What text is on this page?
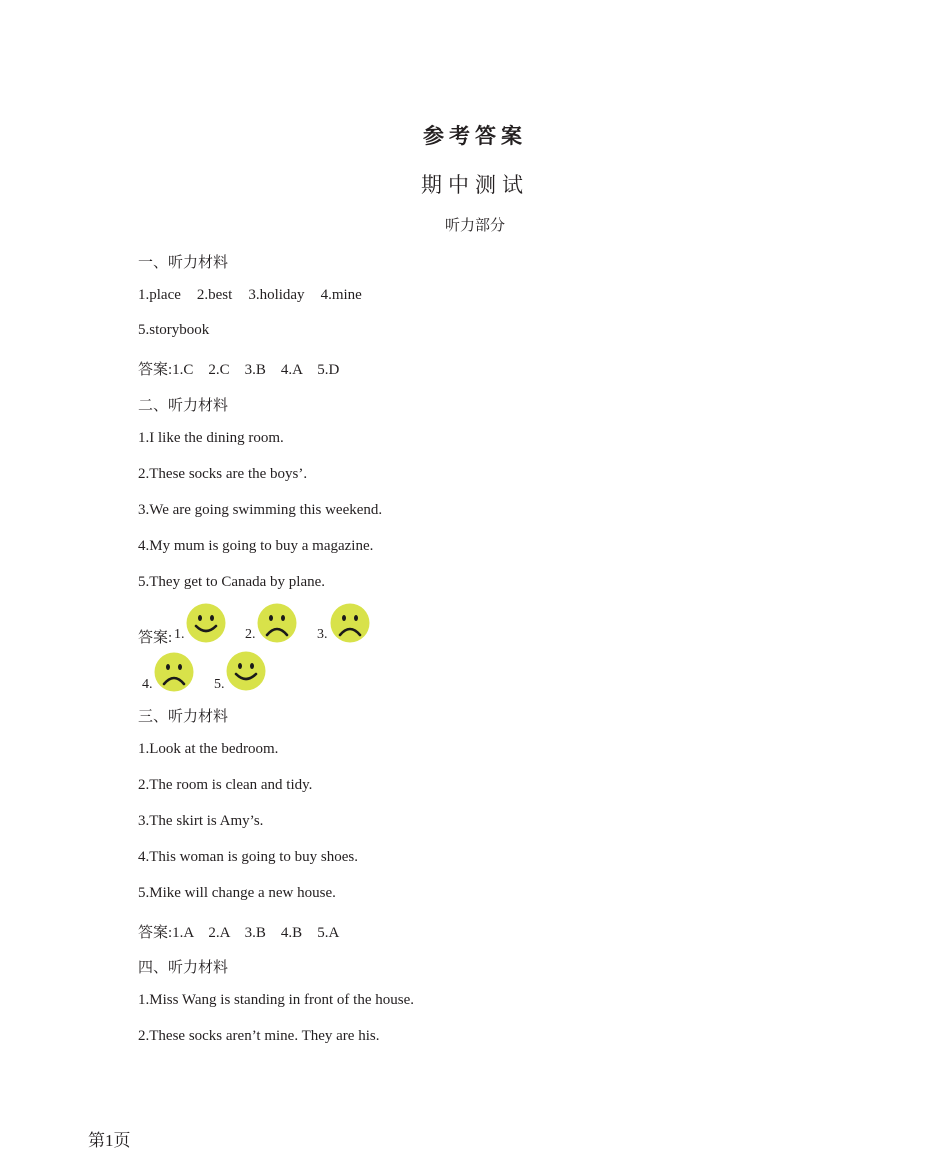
参考答案
期中测试
听力部分
一、听力材料
1.place 2.best 3.holiday 4.mine
5.storybook
答案:1.C　2.C　3.B　4.A　5.D
二、听力材料
1.I like the dining room.
2.These socks are the boys’.
3.We are going swimming this weekend.
4.My mum is going to buy a magazine.
5.They get to Canada by plane.
答案: 1.	2.	3.
4.	5.
三、听力材料
1.Look at the bedroom.
2.The room is clean and tidy.
3.The skirt is Amy’s.
4.This woman is going to buy shoes.
5.Mike will change a new house.
答案:1.A　2.A　3.B　4.B　5.A
四、听力材料
1.Miss Wang is standing in front of the house.
2.These socks aren’t mine. They are his.
第1页
